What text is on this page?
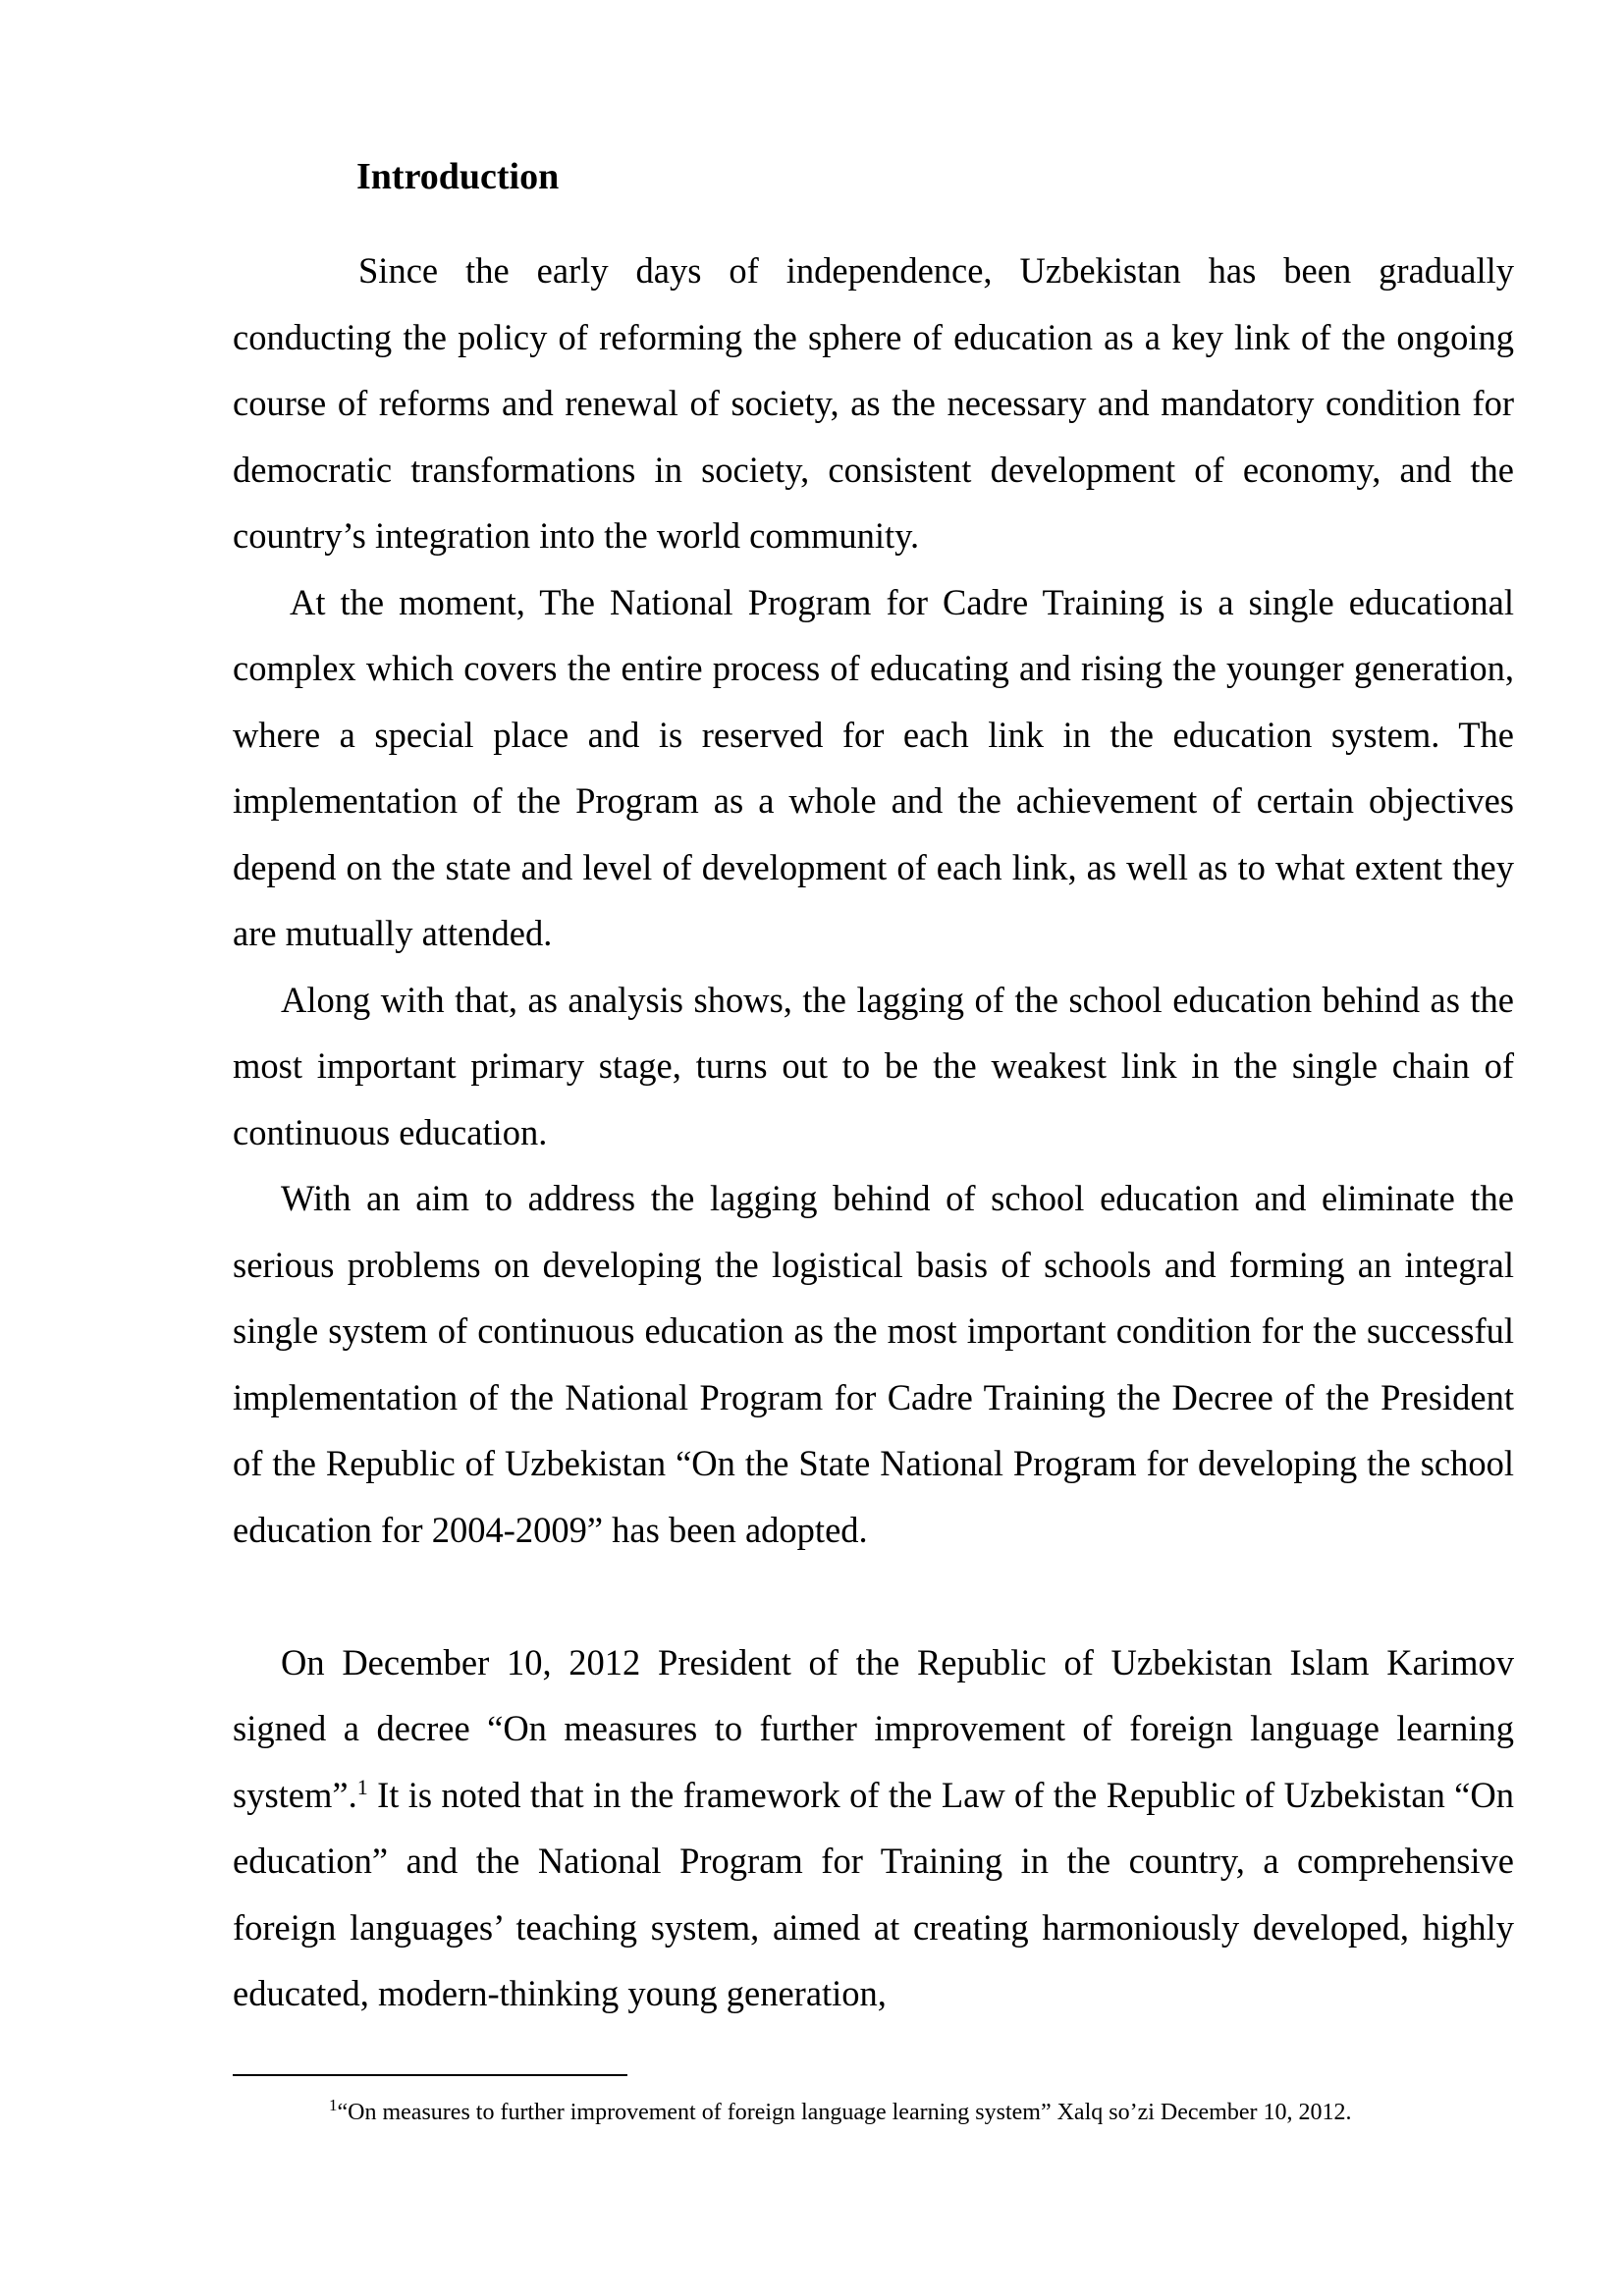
Introduction

Since the early days of independence, Uzbekistan has been gradually conducting the policy of reforming the sphere of education as a key link of the ongoing course of reforms and renewal of society, as the necessary and mandatory condition for democratic transformations in society, consistent development of economy, and the country’s integration into the world community.

At the moment, The National Program for Cadre Training is a single educational complex which covers the entire process of educating and rising the younger generation, where a special place and is reserved for each link in the education system. The implementation of the Program as a whole and the achievement of certain objectives depend on the state and level of development of each link, as well as to what extent they are mutually attended.

Along with that, as analysis shows, the lagging of the school education behind as the most important primary stage, turns out to be the weakest link in the single chain of continuous education.

With an aim to address the lagging behind of school education and eliminate the serious problems on developing the logistical basis of schools and forming an integral single system of continuous education as the most important condition for the successful implementation of the National Program for Cadre Training the Decree of the President of the Republic of Uzbekistan “On the State National Program for developing the school education for 2004-2009” has been adopted.

On December 10, 2012 President of the Republic of Uzbekistan Islam Karimov signed a decree “On measures to further improvement of foreign language learning system”.$^1$ It is noted that in the framework of the Law of the Republic of Uzbekistan “On education” and the National Program for Training in the country, a comprehensive foreign languages’ teaching system, aimed at creating harmoniously developed, highly educated, modern-thinking young generation,

$^1$“On measures to further improvement of foreign language learning system” Xalq so’zi December 10, 2012.
